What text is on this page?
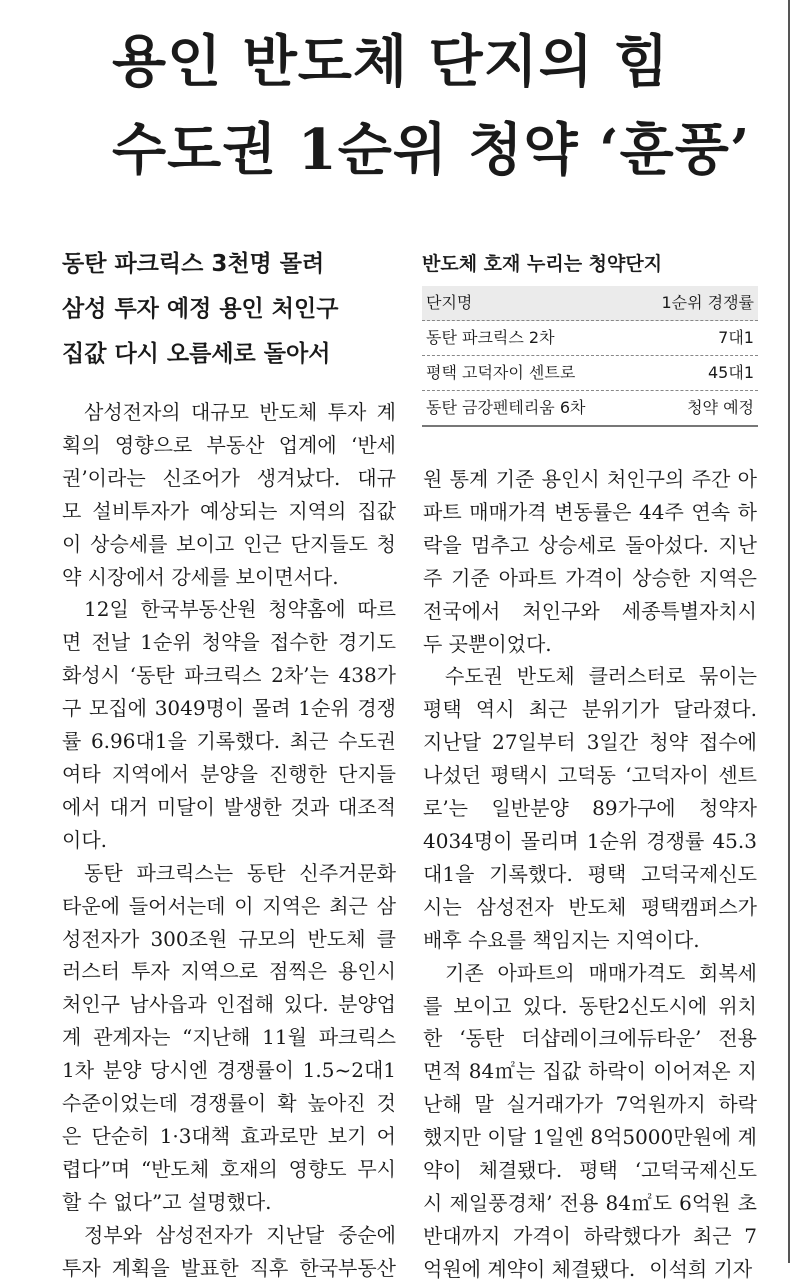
용인 반도체 단지의 힘
수도권 1순위 청약 ‘훈풍’
동탄 파크릭스 3천명 몰려
삼성 투자 예정 용인 처인구
집값 다시 오름세로 돌아서
반도체 호재 누리는 청약단지
단지명	1순위 경쟁률
동탄 파크릭스 2차	7대1
평택 고덕자이 센트로	45대1
동탄 금강펜테리움 6차	청약 예정
삼성전자의 대규모 반도체 투자 계
획의 영향으로 부동산 업계에 ‘반세
권’이라는 신조어가 생겨났다. 대규
모 설비투자가 예상되는 지역의 집값
이 상승세를 보이고 인근 단지들도 청
약 시장에서 강세를 보이면서다.
12일 한국부동산원 청약홈에 따르
면 전날 1순위 청약을 접수한 경기도
화성시 ‘동탄 파크릭스 2차’는 438가
구 모집에 3049명이 몰려 1순위 경쟁
률 6.96대1을 기록했다. 최근 수도권
여타 지역에서 분양을 진행한 단지들
에서 대거 미달이 발생한 것과 대조적
이다.
동탄 파크릭스는 동탄 신주거문화
타운에 들어서는데 이 지역은 최근 삼
성전자가 300조원 규모의 반도체 클
러스터 투자 지역으로 점찍은 용인시
처인구 남사읍과 인접해 있다. 분양업
계 관계자는 “지난해 11월 파크릭스
1차 분양 당시엔 경쟁률이 1.5~2대1
수준이었는데 경쟁률이 확 높아진 것
은 단순히 1·3대책 효과로만 보기 어
렵다”며 “반도체 호재의 영향도 무시
할 수 없다”고 설명했다.
정부와 삼성전자가 지난달 중순에
투자 계획을 발표한 직후 한국부동산
원 통계 기준 용인시 처인구의 주간 아
파트 매매가격 변동률은 44주 연속 하
락을 멈추고 상승세로 돌아섰다. 지난
주 기준 아파트 가격이 상승한 지역은
전국에서 처인구와 세종특별자치시
두 곳뿐이었다.
수도권 반도체 클러스터로 묶이는
평택 역시 최근 분위기가 달라졌다.
지난달 27일부터 3일간 청약 접수에
나섰던 평택시 고덕동 ‘고덕자이 센트
로’는 일반분양 89가구에 청약자
4034명이 몰리며 1순위 경쟁률 45.3
대1을 기록했다. 평택 고덕국제신도
시는 삼성전자 반도체 평택캠퍼스가
배후 수요를 책임지는 지역이다.
기존 아파트의 매매가격도 회복세
를 보이고 있다. 동탄2신도시에 위치
한 ‘동탄 더샵레이크에듀타운’ 전용
면적 84㎡는 집값 하락이 이어져온 지
난해 말 실거래가가 7억원까지 하락
했지만 이달 1일엔 8억5000만원에 계
약이 체결됐다. 평택 ‘고덕국제신도
시 제일풍경채’ 전용 84㎡도 6억원 초
반대까지 가격이 하락했다가 최근 7
억원에 계약이 체결됐다. 이석희 기자
